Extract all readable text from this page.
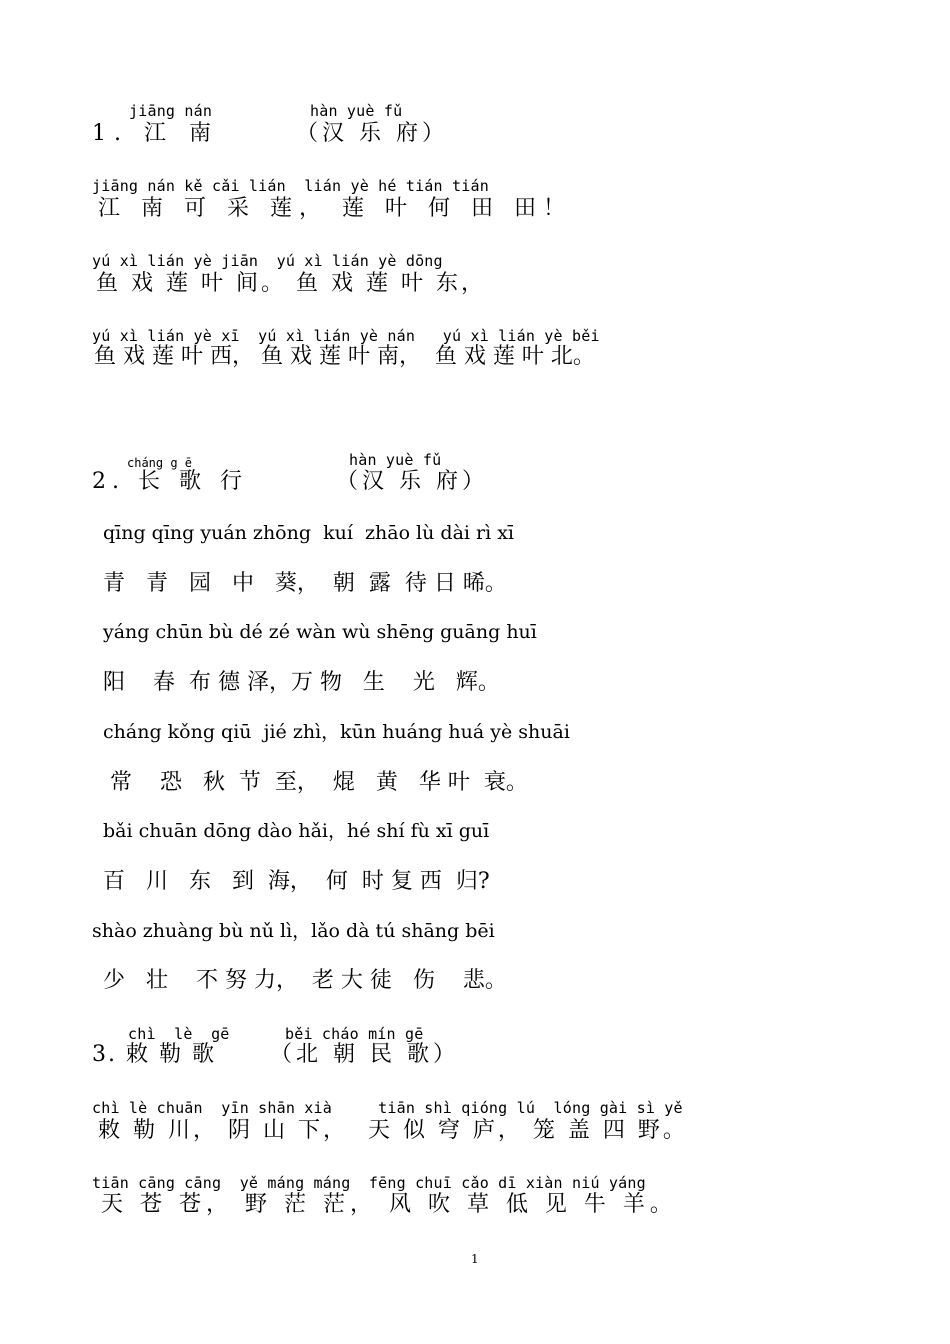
jiāng nán	hàn yuè fǔ
1. 江 南	（汉 乐 府）
jiāng nán kě cǎi lián  lián yè hé tián tián
江 南 可 采 莲， 莲 叶 何 田 田！
yú xì lián yè jiān  yú xì lián yè dōng
鱼 戏 莲 叶 间。 鱼 戏 莲 叶 东，
yú xì lián yè xī  yú xì lián yè nán   yú xì lián yè běi
鱼 戏 莲 叶 西， 鱼 戏 莲 叶 南，  鱼 戏 莲 叶 北。
cháng g ē	hàn yuè fǔ
2. 长 歌 行	（汉 乐 府）
qīng qīng yuán zhōng  kuí  zhāo lù dài rì xī
青   青   园   中   葵，  朝  露  待 日 晞。
yáng chūn bù dé zé wàn wù shēng guāng huī
阳    春  布 德 泽，万 物   生    光   辉。
cháng kǒng qiū  jié zhì，kūn huáng huá yè shuāi
常    恐   秋  节  至，  焜   黄   华 叶  衰。
bǎi chuān dōng dào hǎi，hé shí fù xī guī
百   川   东   到  海，  何  时 复 西  归?
shào zhuàng bù nǔ lì，lǎo dà tú shāng bēi
少   壮    不 努 力，  老 大 徒   伤    悲。
chì  lè  gē	běi cháo mín gē
3. 敕 勒 歌 （北 朝 民 歌）
chì lè chuān  yīn shān xià     tiān shì qióng lú  lóng gài sì yě
敕 勒 川， 阴 山 下，  天 似 穹 庐， 笼 盖 四 野。
tiān cāng cāng  yě máng máng  fēng chuī cǎo dī xiàn niú yáng
天 苍 苍， 野 茫 茫， 风 吹 草 低 见 牛 羊。
1
